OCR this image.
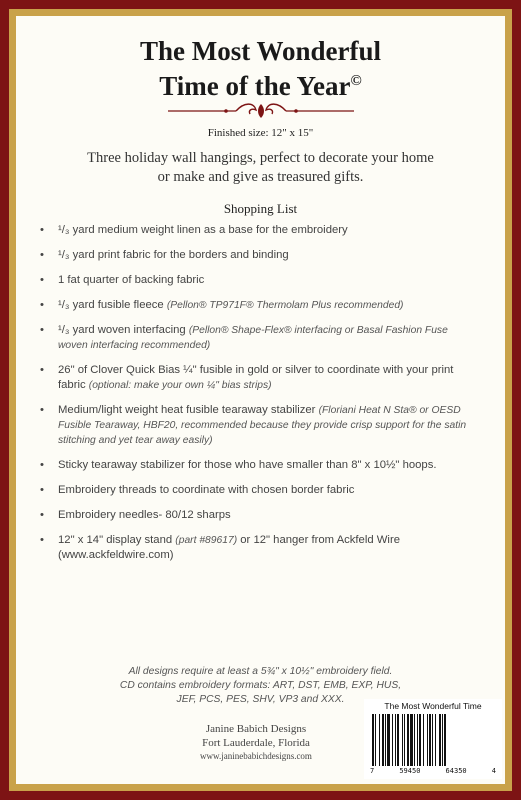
The Most Wonderful
Time of the Year©
Finished size: 12" x 15"
Three holiday wall hangings, perfect to decorate your home
or make and give as treasured gifts.
Shopping List
• ¹/₃ yard medium weight linen as a base for the embroidery
• ¹/₃ yard print fabric for the borders and binding
• 1 fat quarter of backing fabric
• ¹/₃ yard fusible fleece (Pellon® TP971F® Thermolam Plus recommended)
• ¹/₃ yard woven interfacing (Pellon® Shape-Flex® interfacing or Basal Fashion Fuse woven interfacing recommended)
• 26" of Clover Quick Bias ¼" fusible in gold or silver to coordinate with your print fabric (optional: make your own ¼" bias strips)
• Medium/light weight heat fusible tearaway stabilizer (Floriani Heat N Sta® or OESD Fusible Tearaway, HBF20, recommended because they provide crisp support for the satin stitching and yet tear away easily)
• Sticky tearaway stabilizer for those who have smaller than 8" x 10½" hoops.
• Embroidery threads to coordinate with chosen border fabric
• Embroidery needles- 80/12 sharps
• 12" x 14" display stand (part #89617) or 12" hanger from Ackfeld Wire (www.ackfeldwire.com)
All designs require at least a 5¾" x 10½" embroidery field.
CD contains embroidery formats: ART, DST, EMB, EXP, HUS,
JEF, PCS, PES, SHV, VP3 and XXX.
Janine Babich Designs
Fort Lauderdale, Florida
www.janinebabichdesigns.com
The Most Wonderful Time
7	59450	64350	4
